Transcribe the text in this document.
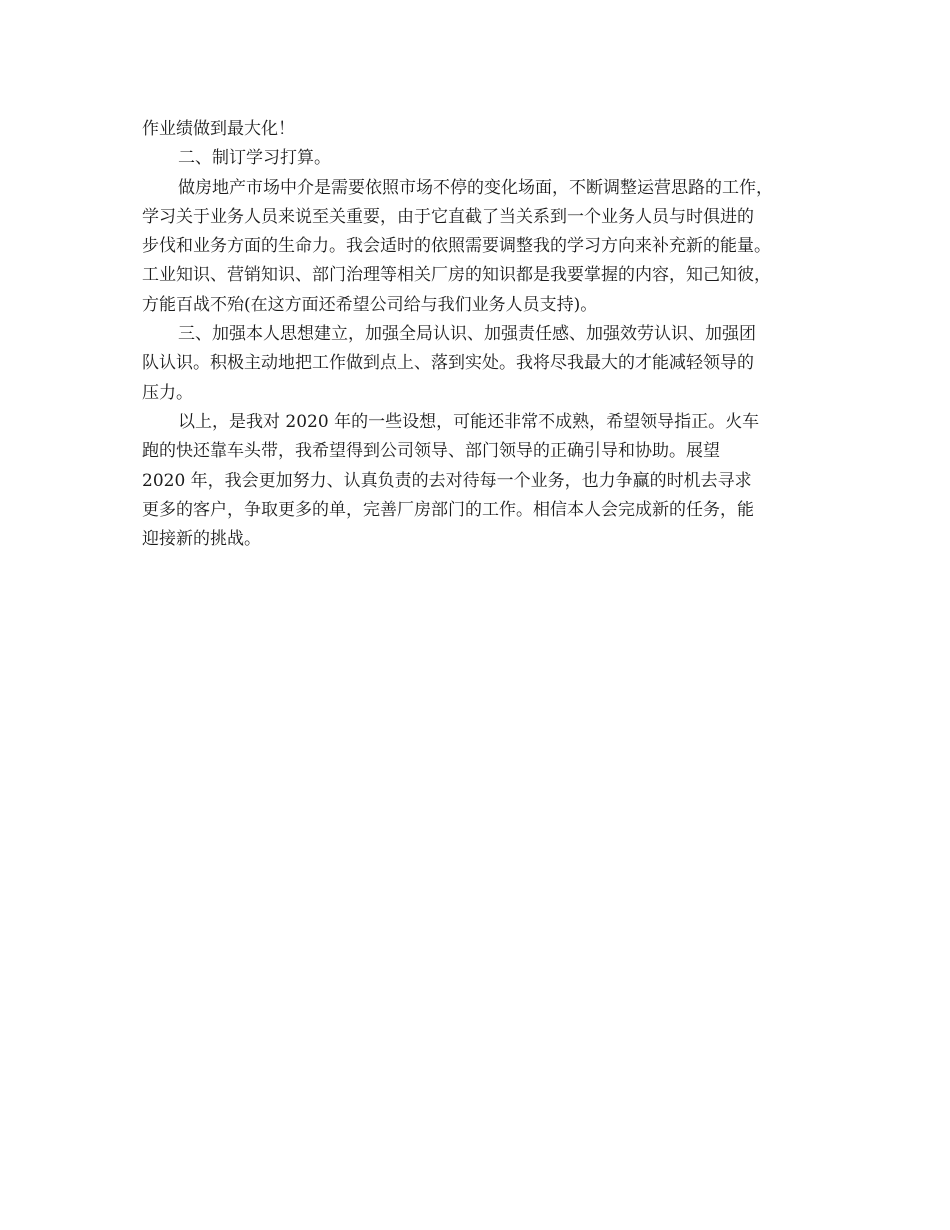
作业绩做到最大化！
二、制订学习打算。
做房地产市场中介是需要依照市场不停的变化场面，不断调整运营思路的工作，
学习关于业务人员来说至关重要，由于它直截了当关系到一个业务人员与时俱进的
步伐和业务方面的生命力。我会适时的依照需要调整我的学习方向来补充新的能量。
工业知识、营销知识、部门治理等相关厂房的知识都是我要掌握的内容，知己知彼，
方能百战不殆(在这方面还希望公司给与我们业务人员支持)。
三、加强本人思想建立，加强全局认识、加强责任感、加强效劳认识、加强团
队认识。积极主动地把工作做到点上、落到实处。我将尽我最大的才能减轻领导的
压力。
以上，是我对 2020 年的一些设想，可能还非常不成熟，希望领导指正。火车
跑的快还靠车头带，我希望得到公司领导、部门领导的正确引导和协助。展望
2020 年，我会更加努力、认真负责的去对待每一个业务，也力争赢的时机去寻求
更多的客户，争取更多的单，完善厂房部门的工作。相信本人会完成新的任务，能
迎接新的挑战。
